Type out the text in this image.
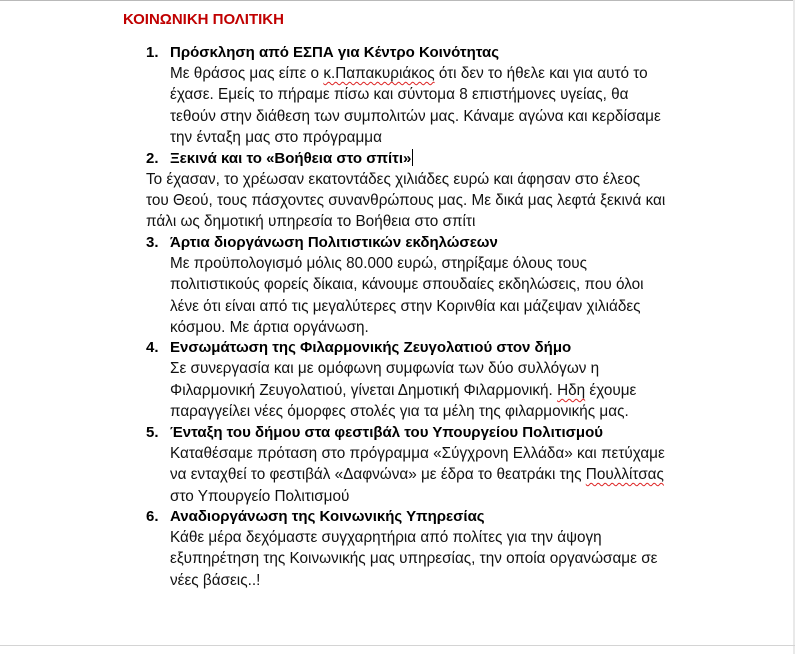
ΚΟΙΝΩΝΙΚΗ ΠΟΛΙΤΙΚΗ
1. Πρόσκληση από ΕΣΠΑ για Κέντρο Κοινότητας
Με θράσος μας είπε ο κ.Παπακυριάκος ότι δεν το ήθελε και για αυτό το έχασε. Εμείς το πήραμε πίσω και σύντομα 8 επιστήμονες υγείας, θα τεθούν στην διάθεση των συμπολιτών μας. Κάναμε αγώνα και κερδίσαμε την ένταξη μας στο πρόγραμμα
2. Ξεκινά και το «Βοήθεια στο σπίτι»
Το έχασαν, το χρέωσαν εκατοντάδες χιλιάδες ευρώ και άφησαν στο έλεος του Θεού, τους πάσχοντες συνανθρώπους μας. Με δικά μας λεφτά ξεκινά και πάλι ως δημοτική υπηρεσία το Βοήθεια στο σπίτι
3. Άρτια διοργάνωση Πολιτιστικών εκδηλώσεων
Με προϋπολογισμό μόλις 80.000 ευρώ, στηρίξαμε όλους τους πολιτιστικούς φορείς δίκαια, κάνουμε σπουδαίες εκδηλώσεις, που όλοι λένε ότι είναι από τις μεγαλύτερες στην Κορινθία και μάζεψαν χιλιάδες κόσμου. Με άρτια οργάνωση.
4. Ενσωμάτωση της Φιλαρμονικής Ζευγολατιού στον δήμο
Σε συνεργασία και με ομόφωνη συμφωνία των δύο συλλόγων η Φιλαρμονική Ζευγολατιού, γίνεται Δημοτική Φιλαρμονική. Ηδη έχουμε παραγγείλει νέες όμορφες στολές για τα μέλη της φιλαρμονικής μας.
5. Ένταξη του δήμου στα φεστιβάλ του Υπουργείου Πολιτισμού
Καταθέσαμε πρόταση στο πρόγραμμα «Σύγχρονη Ελλάδα» και πετύχαμε να ενταχθεί το φεστιβάλ «Δαφνώνα» με έδρα το θεατράκι της Πουλλίτσας στο Υπουργείο Πολιτισμού
6. Αναδιοργάνωση της Κοινωνικής Υπηρεσίας
Κάθε μέρα δεχόμαστε συγχαρητήρια από πολίτες για την άψογη εξυπηρέτηση της Κοινωνικής μας υπηρεσίας, την οποία οργανώσαμε σε νέες βάσεις..!
